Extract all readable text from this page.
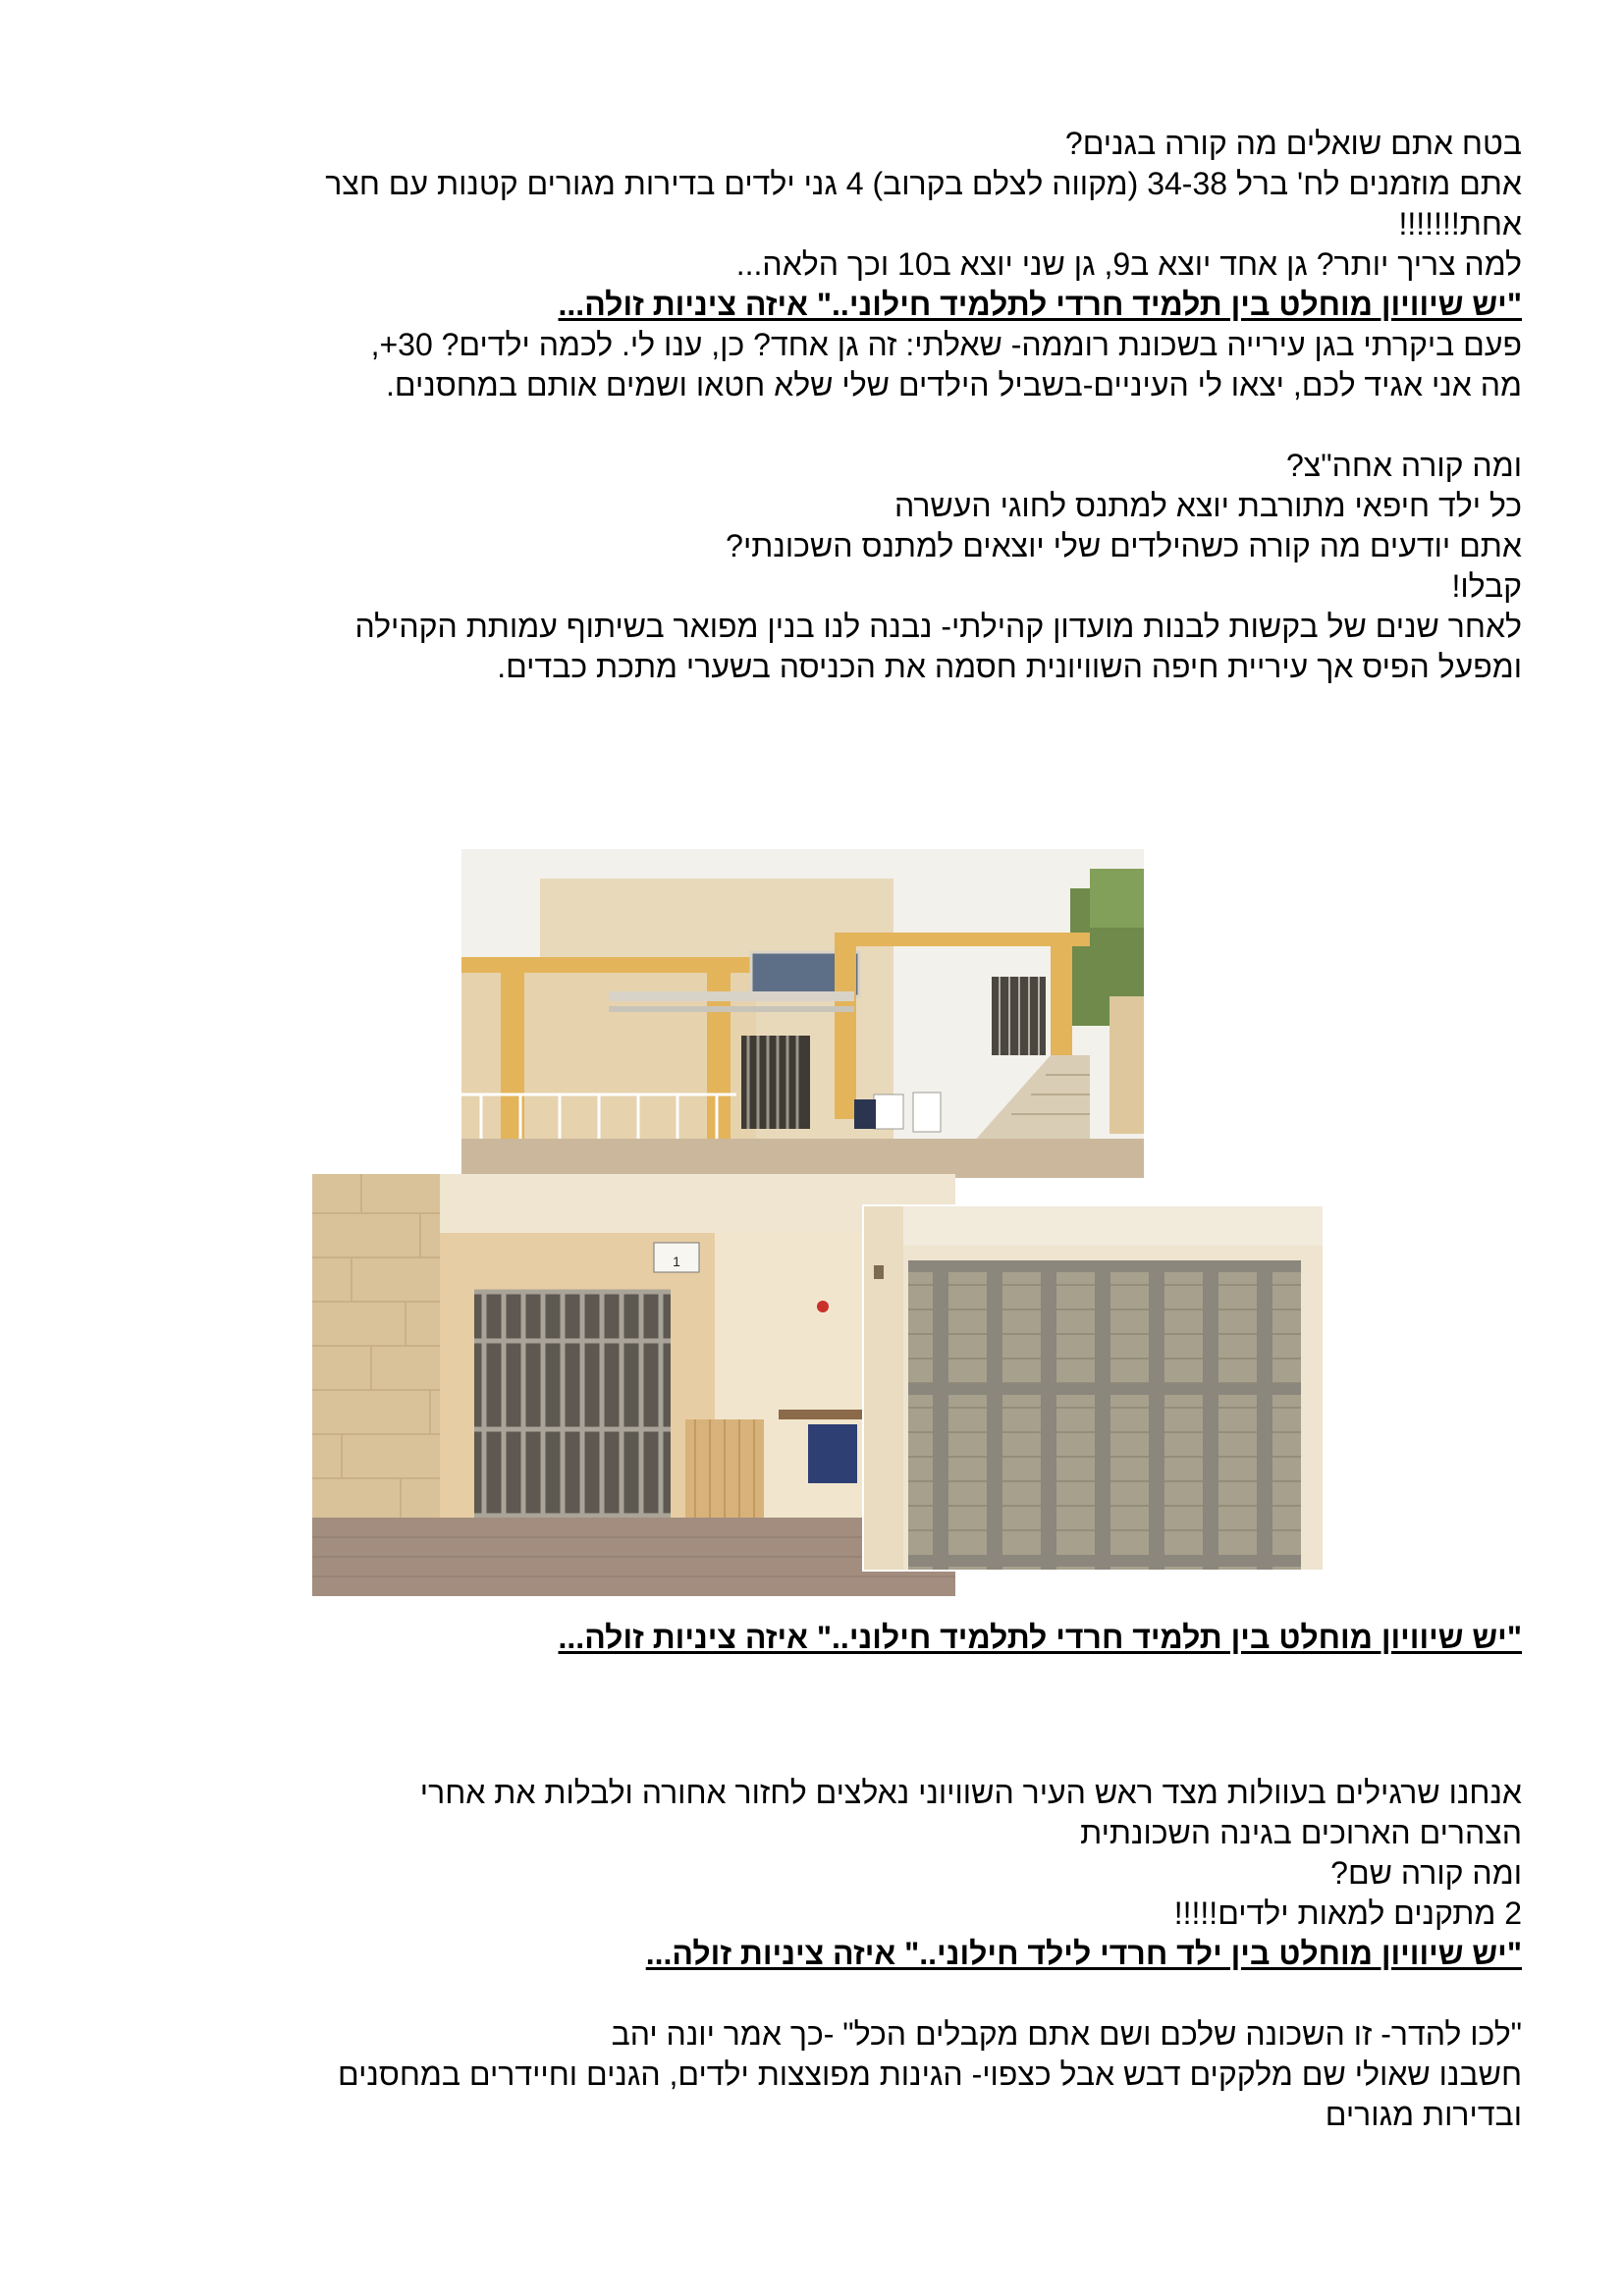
בטח אתם שואלים מה קורה בגנים?

אתם מוזמנים לח' ברל 34-38 (מקווה לצלם בקרוב) 4 גני ילדים בדירות מגורים קטנות עם חצר

אחת!!!!!!!

למה צריך יותר? גן אחד יוצא ב9, גן שני יוצא ב10 וכך הלאה...

"יש שיוויון מוחלט בין תלמיד חרדי לתלמיד חילוני.." איזה ציניות זולה...

פעם ביקרתי בגן עירייה בשכונת רוממה- שאלתי: זה גן אחד? כן, ענו לי. לכמה ילדים? 30+,

מה אני אגיד לכם, יצאו לי העיניים-בשביל הילדים שלי שלא חטאו ושמים אותם במחסנים.

ומה קורה אחה"צ?

כל ילד חיפאי מתורבת יוצא למתנס לחוגי העשרה

אתם יודעים מה קורה כשהילדים שלי יוצאים למתנס השכונתי?

קבלו!

לאחר שנים של בקשות לבנות מועדון קהילתי- נבנה לנו בנין מפואר בשיתוף עמותת הקהילה

ומפעל הפיס אך עיריית חיפה השוויונית חסמה את הכניסה בשערי מתכת כבדים.

1

"יש שיוויון מוחלט בין תלמיד חרדי לתלמיד חילוני.." איזה ציניות זולה...

אנחנו שרגילים בעוולות מצד ראש העיר השוויוני נאלצים לחזור אחורה ולבלות את אחרי

הצהרים הארוכים בגינה השכונתית

ומה קורה שם?

2 מתקנים למאות ילדים!!!!!

"יש שיוויון מוחלט בין ילד חרדי לילד חילוני.." איזה ציניות זולה...

"לכו להדר- זו השכונה שלכם ושם אתם מקבלים הכל" -כך אמר יונה יהב

חשבנו שאולי שם מלקקים דבש אבל כצפוי- הגינות מפוצצות ילדים, הגנים וחיידרים במחסנים

ובדירות מגורים
